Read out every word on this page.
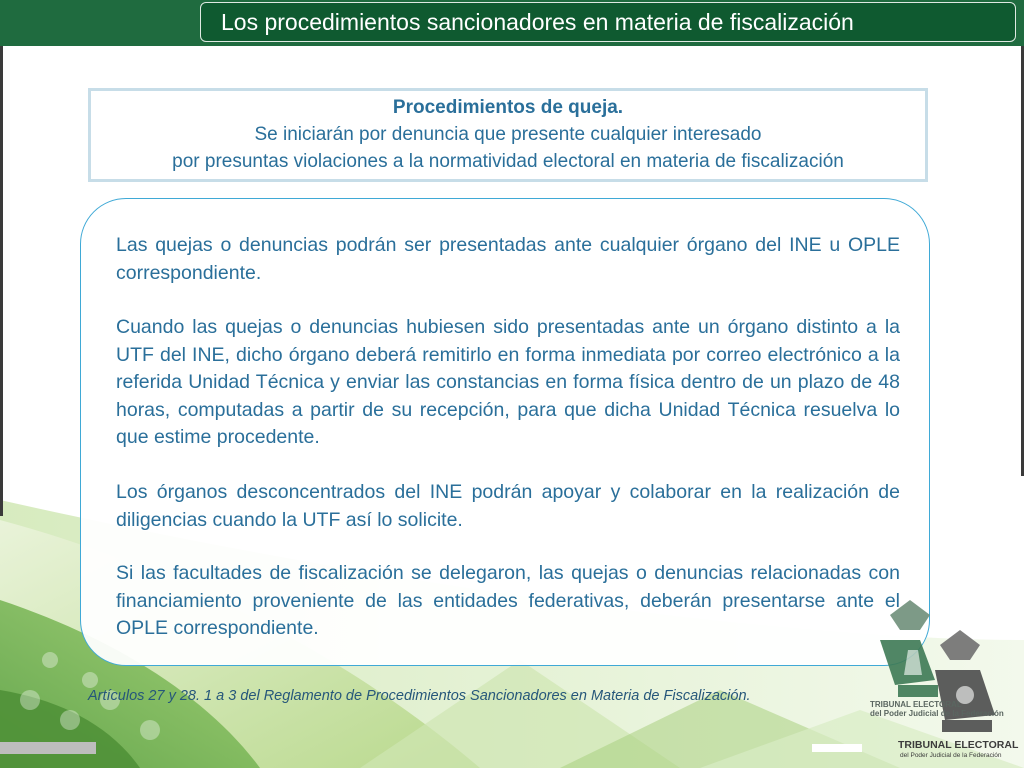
Los procedimientos sancionadores en materia de fiscalización
Procedimientos de queja.
Se iniciarán por denuncia que presente cualquier interesado
por presuntas violaciones a la normatividad electoral en materia de fiscalización

Las quejas o denuncias podrán ser presentadas ante cualquier órgano del INE u OPLE correspondiente.

Cuando las quejas o denuncias hubiesen sido presentadas ante un órgano distinto a la UTF del INE, dicho órgano deberá remitirlo en forma inmediata por correo electrónico a la referida Unidad Técnica y enviar las constancias en forma física dentro de un plazo de 48 horas, computadas a partir de su recepción, para que dicha Unidad Técnica resuelva lo que estime procedente.

Los órganos desconcentrados del INE podrán apoyar y colaborar en la realización de diligencias cuando la UTF así lo solicite.

Si las facultades de fiscalización se delegaron, las quejas o denuncias relacionadas con financiamiento proveniente de las entidades federativas, deberán presentarse ante el OPLE correspondiente.

Artículos 27 y 28. 1 a 3 del Reglamento de Procedimientos Sancionadores en Materia de Fiscalización.
TRIBUNAL ELECTORAL
del Poder Judicial de la Federación
TRIBUNAL ELECTORAL
del Poder Judicial de la Federación
